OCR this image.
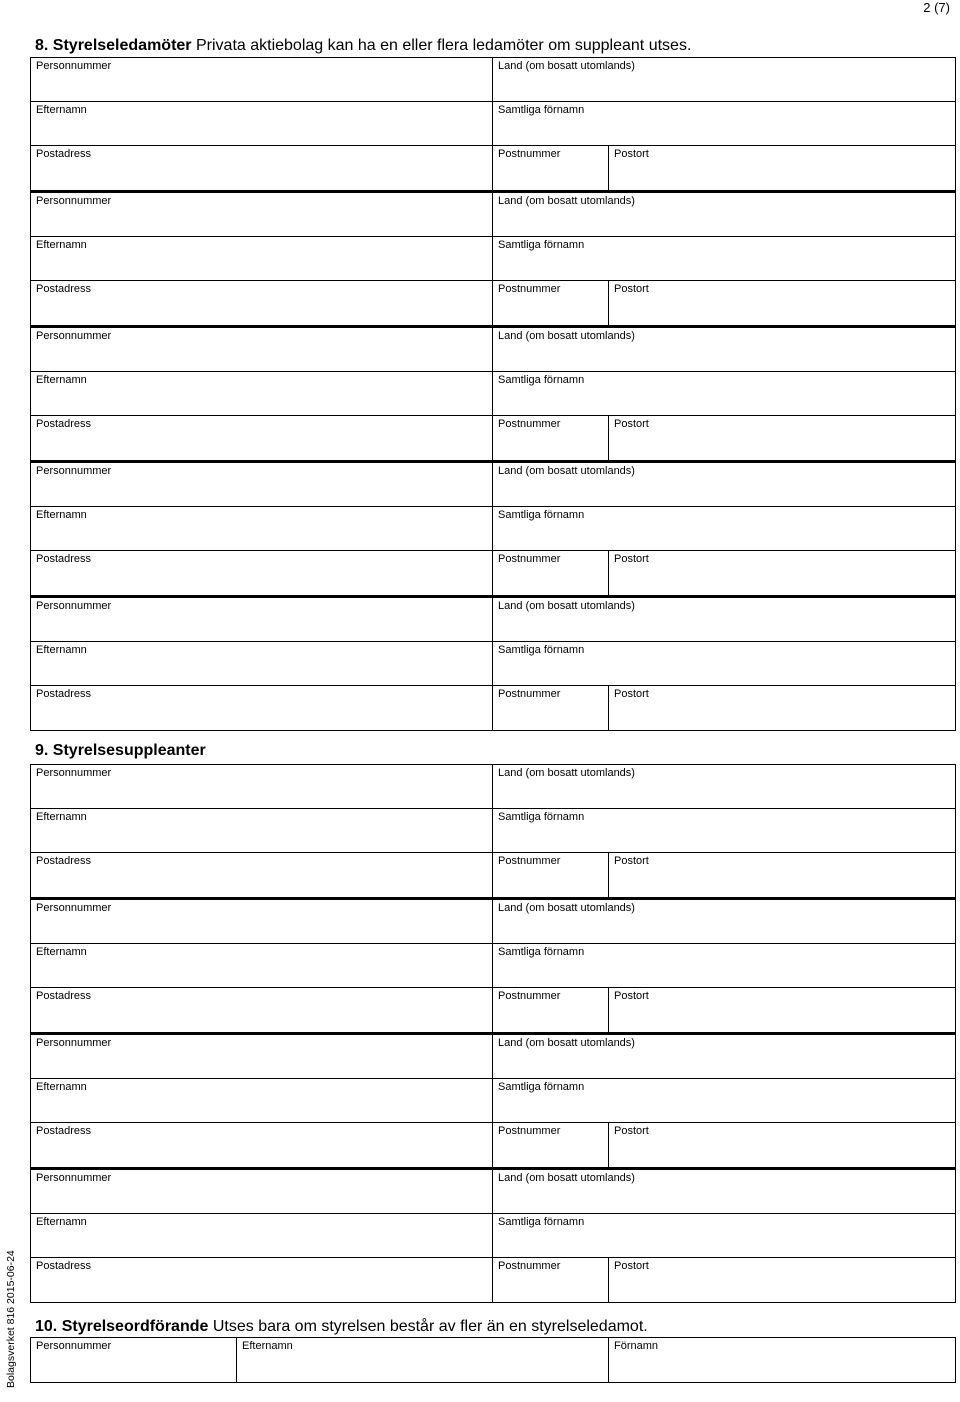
2 (7)
8. Styrelseledamöter Privata aktiebolag kan ha en eller flera ledamöter om suppleant utses.
Personnummer	Land (om bosatt utomlands)
Efternamn	Samtliga förnamn
Postadress	Postnummer	Postort
Personnummer	Land (om bosatt utomlands)
Efternamn	Samtliga förnamn
Postadress	Postnummer	Postort
Personnummer	Land (om bosatt utomlands)
Efternamn	Samtliga förnamn
Postadress	Postnummer	Postort
Personnummer	Land (om bosatt utomlands)
Efternamn	Samtliga förnamn
Postadress	Postnummer	Postort
Personnummer	Land (om bosatt utomlands)
Efternamn	Samtliga förnamn
Postadress	Postnummer	Postort
9. Styrelsesuppleanter
Personnummer	Land (om bosatt utomlands)
Efternamn	Samtliga förnamn
Postadress	Postnummer	Postort
Personnummer	Land (om bosatt utomlands)
Efternamn	Samtliga förnamn
Postadress	Postnummer	Postort
Personnummer	Land (om bosatt utomlands)
Efternamn	Samtliga förnamn
Postadress	Postnummer	Postort
Personnummer	Land (om bosatt utomlands)
Efternamn	Samtliga förnamn
Postadress	Postnummer	Postort
10. Styrelseordförande Utses bara om styrelsen består av fler än en styrelseledamot.
Personnummer	Efternamn	Förnamn
Bolagsverket 816 2015-06-24
